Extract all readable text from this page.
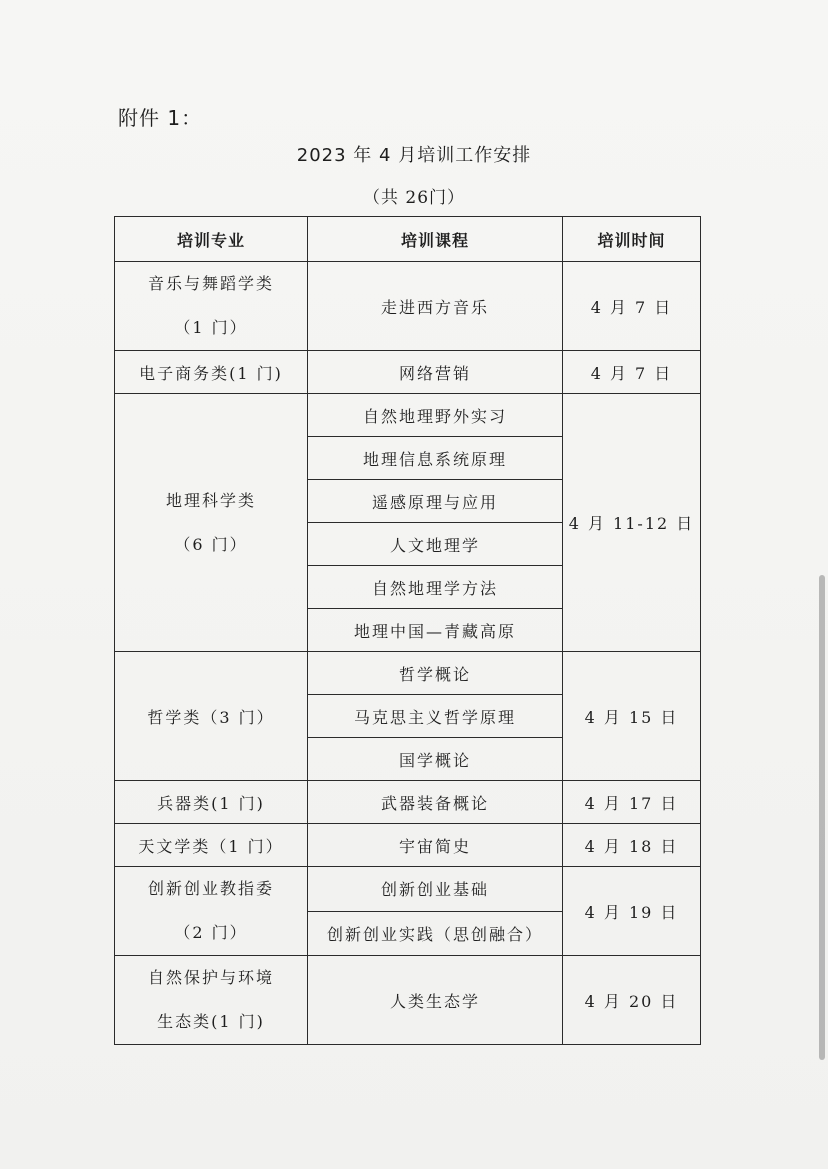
附件 1：
2023 年 4 月培训工作安排
（共 26门）
培训专业	培训课程	培训时间

音乐与舞蹈学类
（1 门）	走进西方音乐	4 月 7 日
电子商务类(1 门)	网络营销	4 月 7 日

地理科学类
（6 门）	自然地理野外实习	4 月 11-12 日
	地理信息系统原理	
	遥感原理与应用	
	人文地理学	
	自然地理学方法	
	地理中国—青藏高原	
哲学类（3 门）	哲学概论	4 月 15 日
	马克思主义哲学原理	
	国学概论	
兵器类(1 门)	武器装备概论	4 月 17 日
天文学类（1 门）	宇宙简史	4 月 18 日

创新创业教指委
（2 门）	创新创业基础	4 月 19 日
	创新创业实践（思创融合）	

自然保护与环境
生态类(1 门)	人类生态学	4 月 20 日
